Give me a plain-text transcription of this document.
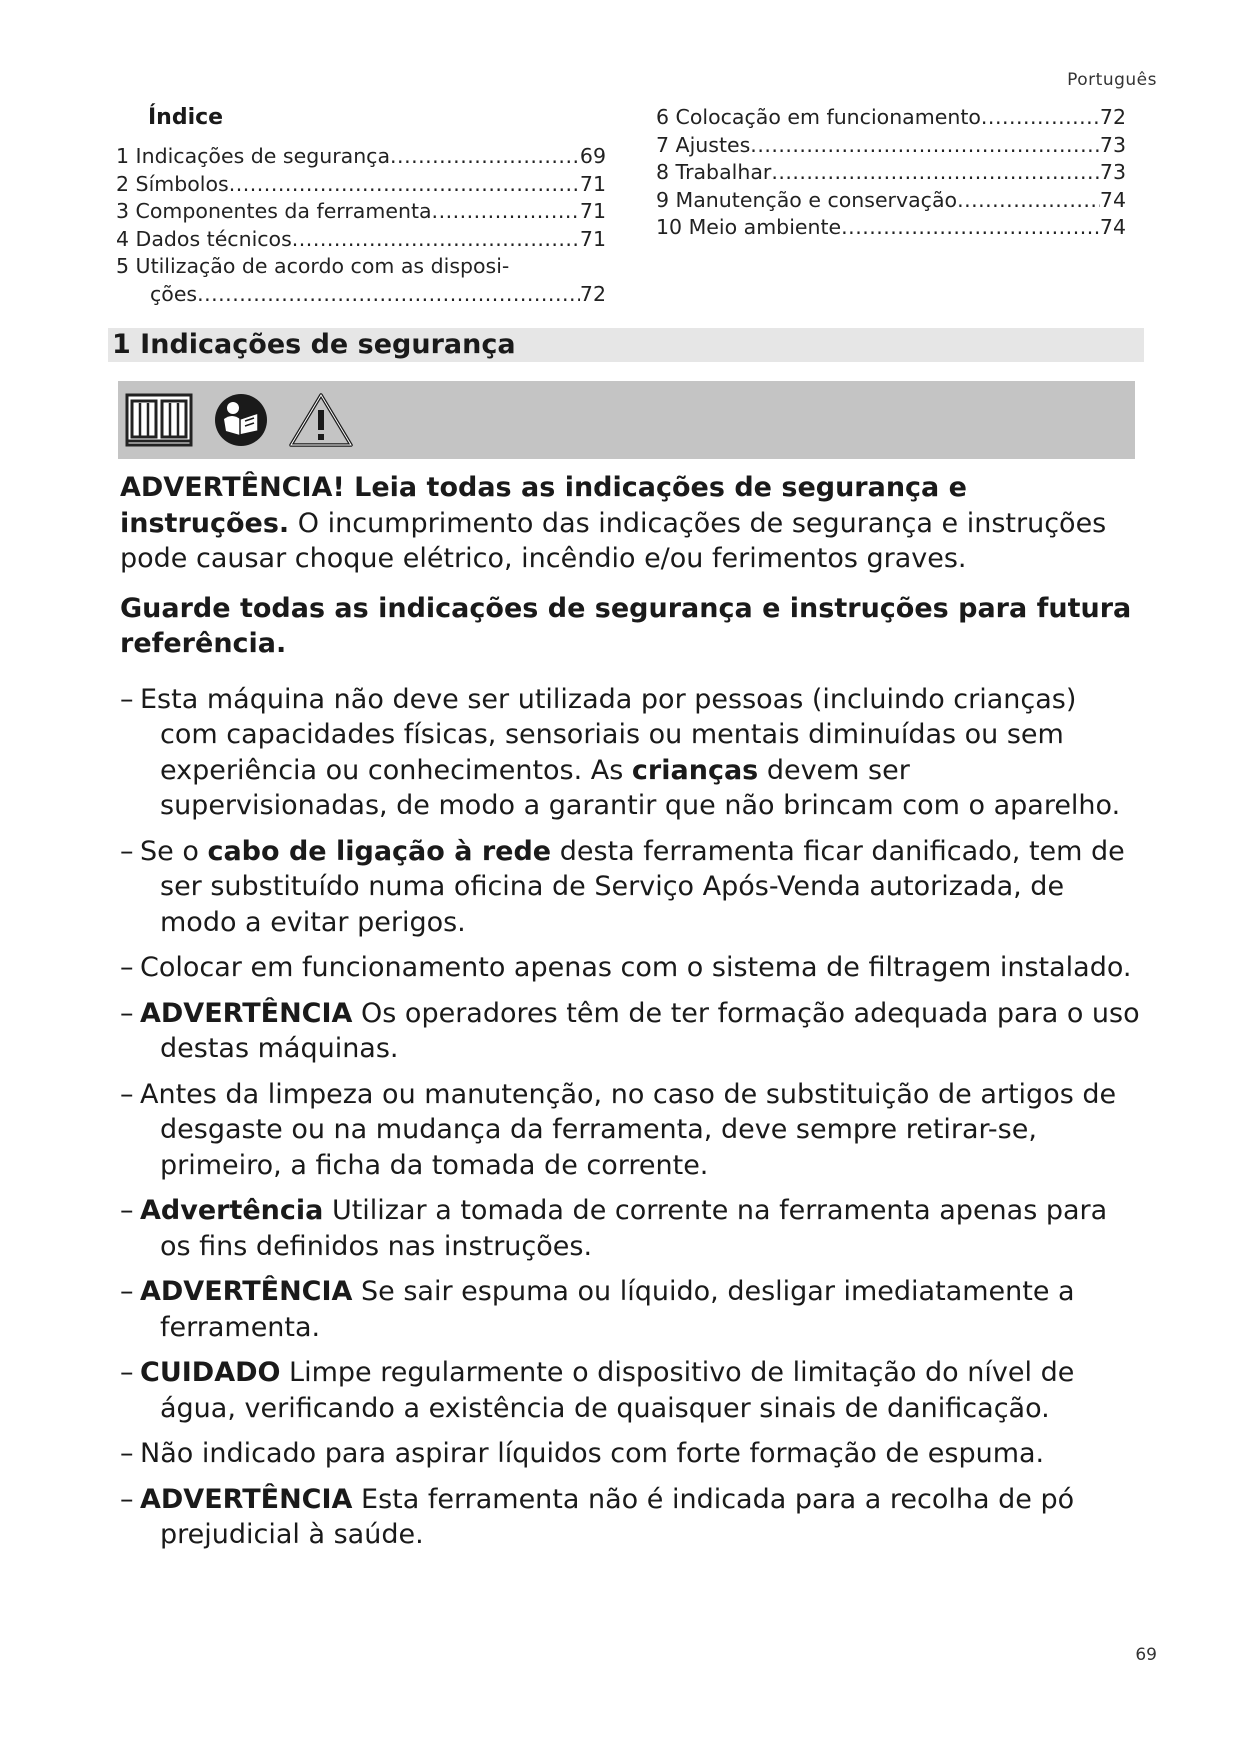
Português
Índice
1 Indicações de segurança .....	69
2 Símbolos .....	71
3 Componentes da ferramenta .....	71
4 Dados técnicos .....	71
5 Utilização de acordo com as disposi-
ções .....	72
6 Colocação em funcionamento .....	72
7 Ajustes .....	73
8 Trabalhar .....	73
9 Manutenção e conservação .....	74
10 Meio ambiente .....	74
1 Indicações de segurança

ADVERTÊNCIA! Leia todas as indicações de segurança e instruções. O incumprimento das indicações de segurança e instruções pode causar choque elétrico, incêndio e/ou ferimentos graves.

Guarde todas as indicações de segurança e instruções para futura referência.

– Esta máquina não deve ser utilizada por pessoas (incluindo crianças) com capacidades físicas, sensoriais ou mentais diminuídas ou sem experiência ou conhecimentos. As crianças devem ser supervisionadas, de modo a garantir que não brincam com o aparelho.
– Se o cabo de ligação à rede desta ferramenta ficar danificado, tem de ser substituído numa oficina de Serviço Após-Venda autorizada, de modo a evitar perigos.
– Colocar em funcionamento apenas com o sistema de filtragem instalado.
– ADVERTÊNCIA Os operadores têm de ter formação adequada para o uso destas máquinas.
– Antes da limpeza ou manutenção, no caso de substituição de artigos de desgaste ou na mudança da ferramenta, deve sempre retirar-se, primeiro, a ficha da tomada de corrente.
– Advertência Utilizar a tomada de corrente na ferramenta apenas para os fins definidos nas instruções.
– ADVERTÊNCIA Se sair espuma ou líquido, desligar imediatamente a ferramenta.
– CUIDADO Limpe regularmente o dispositivo de limitação do nível de água, verificando a existência de quaisquer sinais de danificação.
– Não indicado para aspirar líquidos com forte formação de espuma.
– ADVERTÊNCIA Esta ferramenta não é indicada para a recolha de pó prejudicial à saúde.
69
